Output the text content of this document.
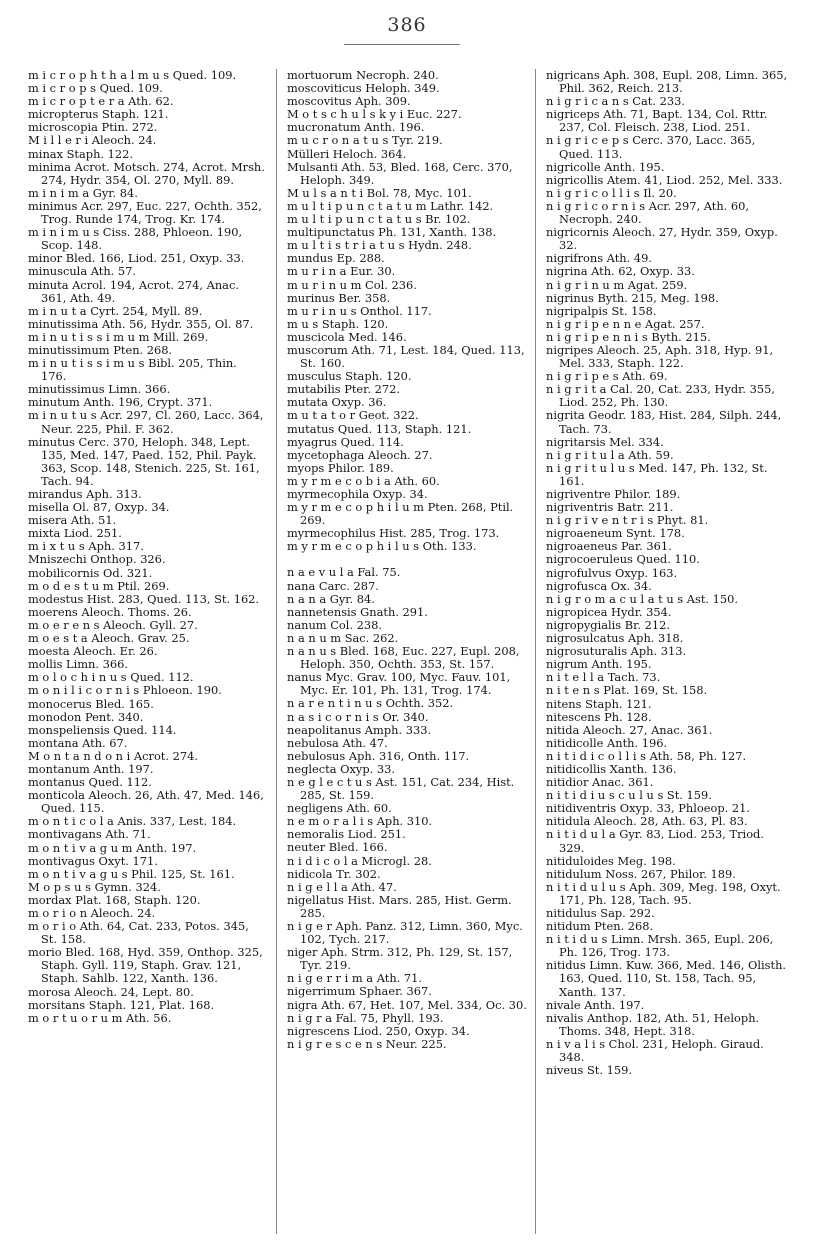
386
m i c r o p h t h a l m u s Qued. 109.
m i c r o p s Qued. 109.
m i c r o p t e r a Ath. 62.
micropterus Staph. 121.
microscopia Ptin. 272.
M i l l e r i Aleoch. 24.
minax Staph. 122.
minima Acrot. Motsch. 274, Acrot. Mrsh. 274, Hydr. 354, Ol. 270, Myll. 89.
m i n i m a Gyr. 84.
minimus Acr. 297, Euc. 227, Ochth. 352, Trog. Runde 174, Trog. Kr. 174.
m i n i m u s Ciss. 288, Phloeon. 190, Scop. 148.
minor Bled. 166, Liod. 251, Oxyp. 33.
minuscula Ath. 57.
minuta Acrol. 194, Acrot. 274, Anac. 361, Ath. 49.
m i n u t a Cyrt. 254, Myll. 89.
minutissima Ath. 56, Hydr. 355, Ol. 87.
m i n u t i s s i m u m Mill. 269.
minutissimum Pten. 268.
m i n u t i s s i m u s Bibl. 205, Thin. 176.
minutissimus Limn. 366.
minutum Anth. 196, Crypt. 371.
m i n u t u s Acr. 297, Cl. 260, Lacc. 364, Neur. 225, Phil. F. 362.
minutus Cerc. 370, Heloph. 348, Lept. 135, Med. 147, Paed. 152, Phil. Payk. 363, Scop. 148, Stenich. 225, St. 161, Tach. 94.
mirandus Aph. 313.
misella Ol. 87, Oxyp. 34.
misera Ath. 51.
mixta Liod. 251.
m i x t u s Aph. 317.
Mniszechi Onthop. 326.
mobilicornis Od. 321.
m o d e s t u m Ptil. 269.
modestus Hist. 283, Qued. 113, St. 162.
moerens Aleoch. Thoms. 26.
m o e r e n s Aleoch. Gyll. 27.
m o e s t a Aleoch. Grav. 25.
moesta Aleoch. Er. 26.
mollis Limn. 366.
m o l o c h i n u s Qued. 112.
m o n i l i c o r n i s Phloeon. 190.
monocerus Bled. 165.
monodon Pent. 340.
monspeliensis Qued. 114.
montana Ath. 67.
M o n t a n d o n i Acrot. 274.
montanum Anth. 197.
montanus Qued. 112.
monticola Aleoch. 26, Ath. 47, Med. 146, Qued. 115.
m o n t i c o l a Anis. 337, Lest. 184.
montivagans Ath. 71.
m o n t i v a g u m Anth. 197.
montivagus Oxyt. 171.
m o n t i v a g u s Phil. 125, St. 161.
M o p s u s Gymn. 324.
mordax Plat. 168, Staph. 120.
m o r i o n Aleoch. 24.
m o r i o Ath. 64, Cat. 233, Potos. 345, St. 158.
morio Bled. 168, Hyd. 359, Onthop. 325, Staph. Gyll. 119, Staph. Grav. 121, Staph. Sahlb. 122, Xanth. 136.
morosa Aleoch. 24, Lept. 80.
morsitans Staph. 121, Plat. 168.
m o r t u o r u m Ath. 56.
mortuorum Necroph. 240.
moscoviticus Heloph. 349.
moscovitus Aph. 309.
M o t s c h u l s k y i Euc. 227.
mucronatum Anth. 196.
m u c r o n a t u s Tyr. 219.
Mülleri Heloch. 364.
Mulsanti Ath. 53, Bled. 168, Cerc. 370, Heloph. 349.
M u l s a n t i Bol. 78, Myc. 101.
m u l t i p u n c t a t u m Lathr. 142.
m u l t i p u n c t a t u s Br. 102.
multipunctatus Ph. 131, Xanth. 138.
m u l t i s t r i a t u s Hydn. 248.
mundus Ep. 288.
m u r i n a Eur. 30.
m u r i n u m Col. 236.
murinus Ber. 358.
m u r i n u s Onthol. 117.
m u s Staph. 120.
muscicola Med. 146.
muscorum Ath. 71, Lest. 184, Qued. 113, St. 160.
musculus Staph. 120.
mutabilis Pter. 272.
mutata Oxyp. 36.
m u t a t o r Geot. 322.
mutatus Qued. 113, Staph. 121.
myagrus Qued. 114.
mycetophaga Aleoch. 27.
myops Philor. 189.
m y r m e c o b i a Ath. 60.
myrmecophila Oxyp. 34.
m y r m e c o p h i l u m Pten. 268, Ptil. 269.
myrmecophilus Hist. 285, Trog. 173.
m y r m e c o p h i l u s Oth. 133.
n a e v u l a Fal. 75.
nana Carc. 287.
n a n a Gyr. 84.
nannetensis Gnath. 291.
nanum Col. 238.
n a n u m Sac. 262.
n a n u s Bled. 168, Euc. 227, Eupl. 208, Heloph. 350, Ochth. 353, St. 157.
nanus Myc. Grav. 100, Myc. Fauv. 101, Myc. Er. 101, Ph. 131, Trog. 174.
n a r e n t i n u s Ochth. 352.
n a s i c o r n i s Or. 340.
neapolitanus Amph. 333.
nebulosa Ath. 47.
nebulosus Aph. 316, Onth. 117.
neglecta Oxyp. 33.
n e g l e c t u s Ast. 151, Cat. 234, Hist. 285, St. 159.
negligens Ath. 60.
n e m o r a l i s Aph. 310.
nemoralis Liod. 251.
neuter Bled. 166.
n i d i c o l a Microgl. 28.
nidicola Tr. 302.
n i g e l l a Ath. 47.
nigellatus Hist. Mars. 285, Hist. Germ. 285.
n i g e r Aph. Panz. 312, Limn. 360, Myc. 102, Tych. 217.
niger Aph. Strm. 312, Ph. 129, St. 157, Tyr. 219.
n i g e r r i m a Ath. 71.
nigerrimum Sphaer. 367.
nigra Ath. 67, Het. 107, Mel. 334, Oc. 30.
n i g r a Fal. 75, Phyll. 193.
nigrescens Liod. 250, Oxyp. 34.
n i g r e s c e n s Neur. 225.
nigricans Aph. 308, Eupl. 208, Limn. 365, Phil. 362, Reich. 213.
n i g r i c a n s Cat. 233.
nigriceps Ath. 71, Bapt. 134, Col. Rttr. 237, Col. Fleisch. 238, Liod. 251.
n i g r i c e p s Cerc. 370, Lacc. 365, Qued. 113.
nigricolle Anth. 195.
nigricollis Atem. 41, Liod. 252, Mel. 333.
n i g r i c o l l i s Il. 20.
n i g r i c o r n i s Acr. 297, Ath. 60, Necroph. 240.
nigricornis Aleoch. 27, Hydr. 359, Oxyp. 32.
nigrifrons Ath. 49.
nigrina Ath. 62, Oxyp. 33.
n i g r i n u m Agat. 259.
nigrinus Byth. 215, Meg. 198.
nigripalpis St. 158.
n i g r i p e n n e Agat. 257.
n i g r i p e n n i s Byth. 215.
nigripes Aleoch. 25, Aph. 318, Hyp. 91, Mel. 333, Staph. 122.
n i g r i p e s Ath. 69.
n i g r i t a Cal. 20, Cat. 233, Hydr. 355, Liod. 252, Ph. 130.
nigrita Geodr. 183, Hist. 284, Silph. 244, Tach. 73.
nigritarsis Mel. 334.
n i g r i t u l a Ath. 59.
n i g r i t u l u s Med. 147, Ph. 132, St. 161.
nigriventre Philor. 189.
nigriventris Batr. 211.
n i g r i v e n t r i s Phyt. 81.
nigroaeneum Synt. 178.
nigroaeneus Par. 361.
nigrocoeruleus Qued. 110.
nigrofulvus Oxyp. 163.
nigrofusca Ox. 34.
n i g r o m a c u l a t u s Ast. 150.
nigropicea Hydr. 354.
nigropygialis Br. 212.
nigrosulcatus Aph. 318.
nigrosuturalis Aph. 313.
nigrum Anth. 195.
n i t e l l a Tach. 73.
n i t e n s Plat. 169, St. 158.
nitens Staph. 121.
nitescens Ph. 128.
nitida Aleoch. 27, Anac. 361.
nitidicolle Anth. 196.
n i t i d i c o l l i s Ath. 58, Ph. 127.
nitidicollis Xanth. 136.
nitidior Anac. 361.
n i t i d i u s c u l u s St. 159.
nitidiventris Oxyp. 33, Phloeop. 21.
nitidula Aleoch. 28, Ath. 63, Pl. 83.
n i t i d u l a Gyr. 83, Liod. 253, Triod. 329.
nitiduloides Meg. 198.
nitidulum Noss. 267, Philor. 189.
n i t i d u l u s Aph. 309, Meg. 198, Oxyt. 171, Ph. 128, Tach. 95.
nitidulus Sap. 292.
nitidum Pten. 268.
n i t i d u s Limn. Mrsh. 365, Eupl. 206, Ph. 126, Trog. 173.
nitidus Limn. Kuw. 366, Med. 146, Olisth. 163, Qued. 110, St. 158, Tach. 95, Xanth. 137.
nivale Anth. 197.
nivalis Anthop. 182, Ath. 51, Heloph. Thoms. 348, Hept. 318.
n i v a l i s Chol. 231, Heloph. Giraud. 348.
niveus St. 159.
